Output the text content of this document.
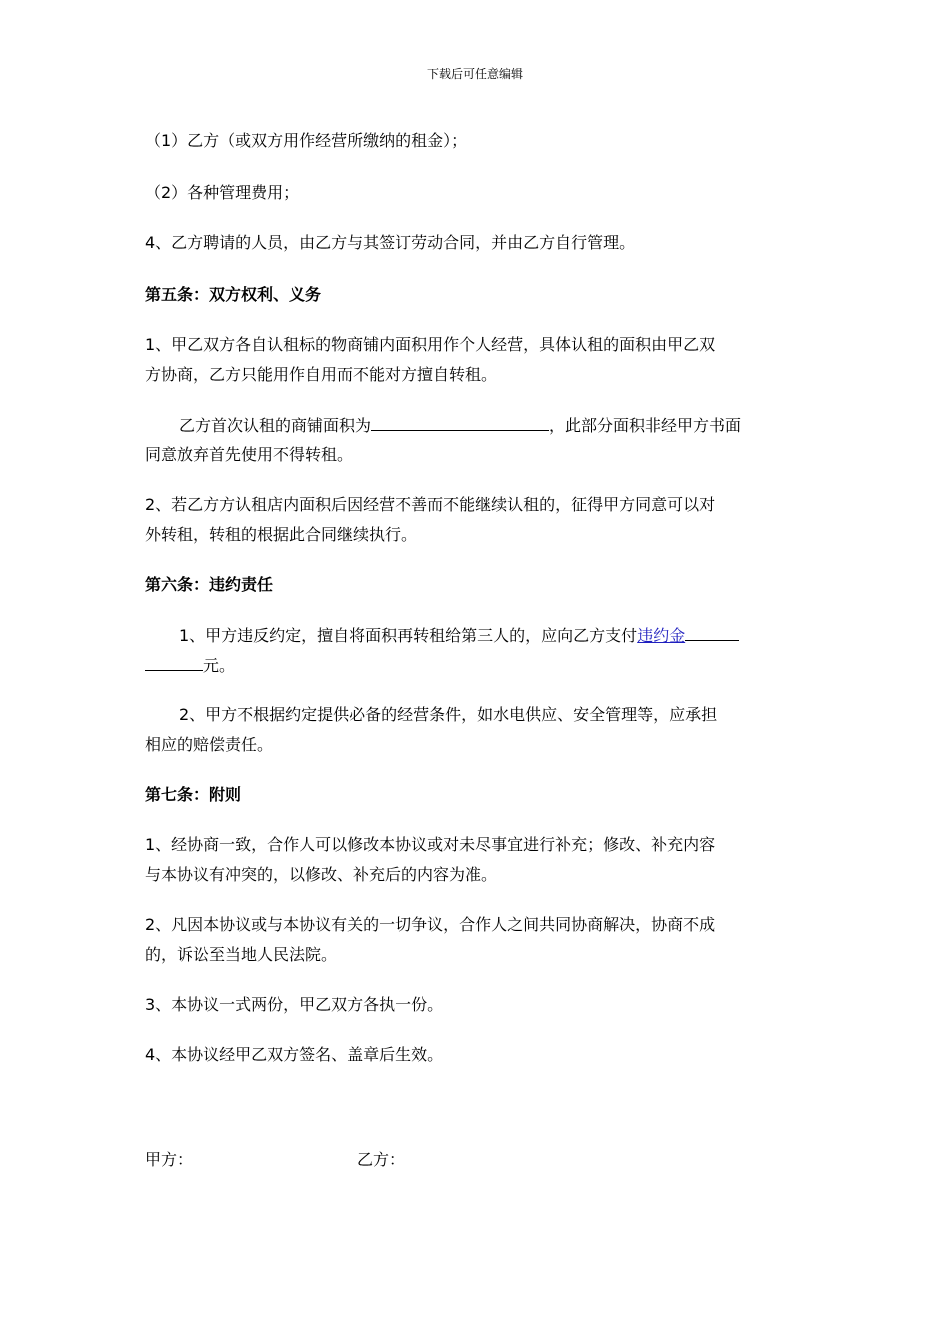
下载后可任意编辑
（1）乙方（或双方用作经营所缴纳的租金）；
（2）各种管理费用；
4、乙方聘请的人员，由乙方与其签订劳动合同，并由乙方自行管理。
第五条：双方权利、义务
1、甲乙双方各自认租标的物商铺内面积用作个人经营，具体认租的面积由甲乙双
方协商，乙方只能用作自用而不能对方擅自转租。
乙方首次认租的商铺面积为	，此部分面积非经甲方书面
同意放弃首先使用不得转租。
2、若乙方方认租店内面积后因经营不善而不能继续认租的，征得甲方同意可以对
外转租，转租的根据此合同继续执行。
第六条：违约责任
1、甲方违反约定，擅自将面积再转租给第三人的，应向乙方支付违约金
元。
2、甲方不根据约定提供必备的经营条件，如水电供应、安全管理等，应承担
相应的赔偿责任。
第七条：附则
1、经协商一致，合作人可以修改本协议或对未尽事宜进行补充；修改、补充内容
与本协议有冲突的，以修改、补充后的内容为准。
2、凡因本协议或与本协议有关的一切争议，合作人之间共同协商解决，协商不成
的，诉讼至当地人民法院。
3、本协议一式两份，甲乙双方各执一份。
4、本协议经甲乙双方签名、盖章后生效。
甲方：	乙方：
